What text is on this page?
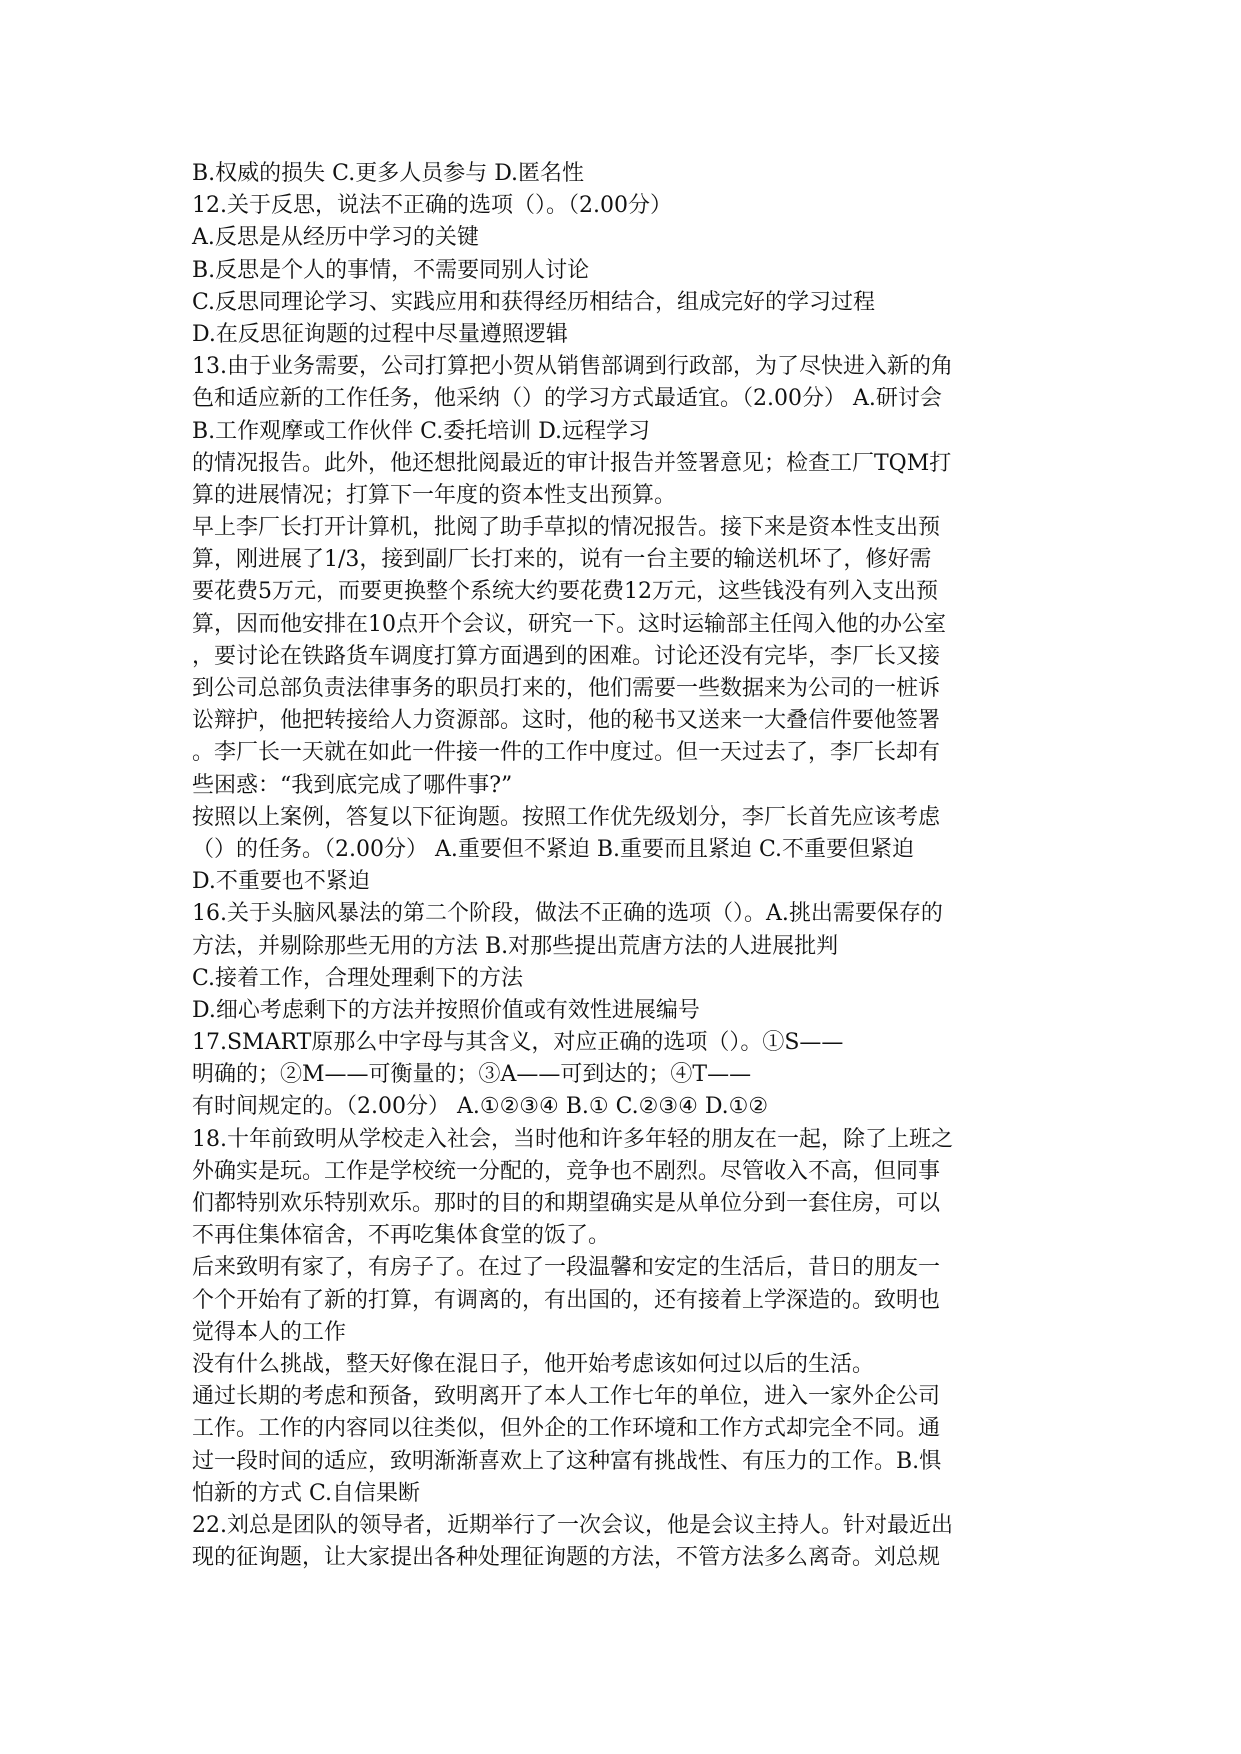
B.权威的损失 C.更多人员参与 D.匿名性
12.关于反思，说法不正确的选项（）。（2.00分）
A.反思是从经历中学习的关键
B.反思是个人的事情，不需要同别人讨论
C.反思同理论学习、实践应用和获得经历相结合，组成完好的学习过程
D.在反思征询题的过程中尽量遵照逻辑
13.由于业务需要，公司打算把小贺从销售部调到行政部，为了尽快进入新的角
色和适应新的工作任务，他采纳（）的学习方式最适宜。（2.00分） A.研讨会
B.工作观摩或工作伙伴 C.委托培训 D.远程学习
的情况报告。此外，他还想批阅最近的审计报告并签署意见；检查工厂TQM打
算的进展情况；打算下一年度的资本性支出预算。
早上李厂长打开计算机，批阅了助手草拟的情况报告。接下来是资本性支出预
算，刚进展了1/3，接到副厂长打来的，说有一台主要的输送机坏了，修好需
要花费5万元，而要更换整个系统大约要花费12万元，这些钱没有列入支出预
算，因而他安排在10点开个会议，研究一下。这时运输部主任闯入他的办公室
，要讨论在铁路货车调度打算方面遇到的困难。讨论还没有完毕，李厂长又接
到公司总部负责法律事务的职员打来的，他们需要一些数据来为公司的一桩诉
讼辩护，他把转接给人力资源部。这时，他的秘书又送来一大叠信件要他签署
。李厂长一天就在如此一件接一件的工作中度过。但一天过去了，李厂长却有
些困惑：“我到底完成了哪件事?”
按照以上案例，答复以下征询题。按照工作优先级划分，李厂长首先应该考虑
（）的任务。（2.00分） A.重要但不紧迫 B.重要而且紧迫 C.不重要但紧迫
D.不重要也不紧迫
16.关于头脑风暴法的第二个阶段，做法不正确的选项（）。A.挑出需要保存的
方法，并剔除那些无用的方法 B.对那些提出荒唐方法的人进展批判
C.接着工作，合理处理剩下的方法
D.细心考虑剩下的方法并按照价值或有效性进展编号
17.SMART原那么中字母与其含义，对应正确的选项（）。①S——
明确的；②M——可衡量的；③A——可到达的；④T——
有时间规定的。（2.00分） A.①②③④ B.① C.②③④ D.①②
18.十年前致明从学校走入社会，当时他和许多年轻的朋友在一起，除了上班之
外确实是玩。工作是学校统一分配的，竞争也不剧烈。尽管收入不高，但同事
们都特别欢乐特别欢乐。那时的目的和期望确实是从单位分到一套住房，可以
不再住集体宿舍，不再吃集体食堂的饭了。
后来致明有家了，有房子了。在过了一段温馨和安定的生活后，昔日的朋友一
个个开始有了新的打算，有调离的，有出国的，还有接着上学深造的。致明也
觉得本人的工作
没有什么挑战，整天好像在混日子，他开始考虑该如何过以后的生活。
通过长期的考虑和预备，致明离开了本人工作七年的单位，进入一家外企公司
工作。工作的内容同以往类似，但外企的工作环境和工作方式却完全不同。通
过一段时间的适应，致明渐渐喜欢上了这种富有挑战性、有压力的工作。B.惧
怕新的方式 C.自信果断
22.刘总是团队的领导者，近期举行了一次会议，他是会议主持人。针对最近出
现的征询题，让大家提出各种处理征询题的方法，不管方法多么离奇。刘总规
